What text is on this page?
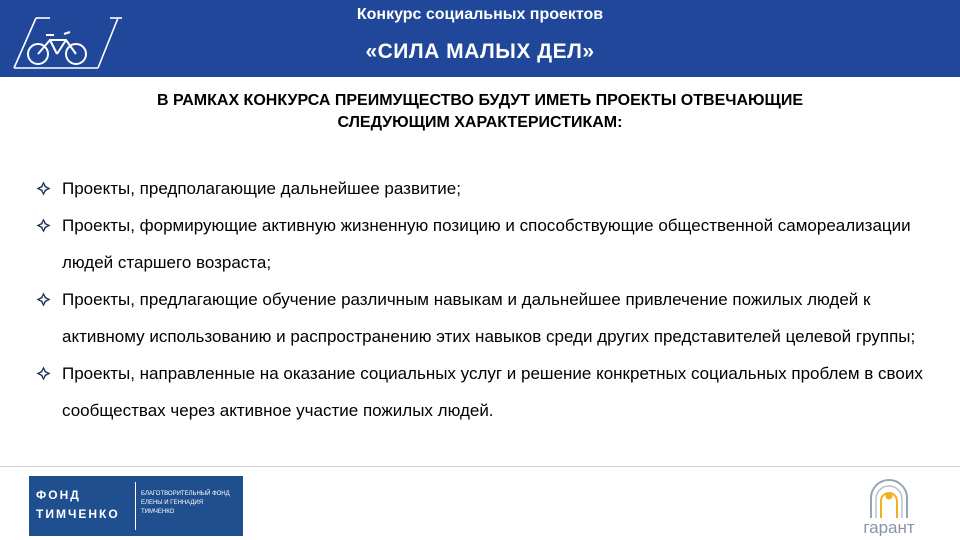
Конкурс социальных проектов
«СИЛА МАЛЫХ ДЕЛ»
В РАМКАХ КОНКУРСА ПРЕИМУЩЕСТВО БУДУТ ИМЕТЬ ПРОЕКТЫ ОТВЕЧАЮЩИЕ
СЛЕДУЮЩИМ ХАРАКТЕРИСТИКАМ:
Проекты, предполагающие дальнейшее развитие;
Проекты, формирующие активную жизненную позицию и способствующие общественной самореализации людей старшего возраста;
Проекты, предлагающие обучение различным навыкам и дальнейшее привлечение пожилых людей к активному использованию и распространению этих навыков среди других представителей целевой группы;
Проекты, направленные на оказание социальных услуг и решение конкретных социальных проблем в своих сообществах через активное участие пожилых людей.
ФОНД
ТИМЧЕНКО
БЛАГОТВОРИТЕЛЬНЫЙ ФОНД
ЕЛЕНЫ И ГЕННАДИЯ
ТИМЧЕНКО
гарант
